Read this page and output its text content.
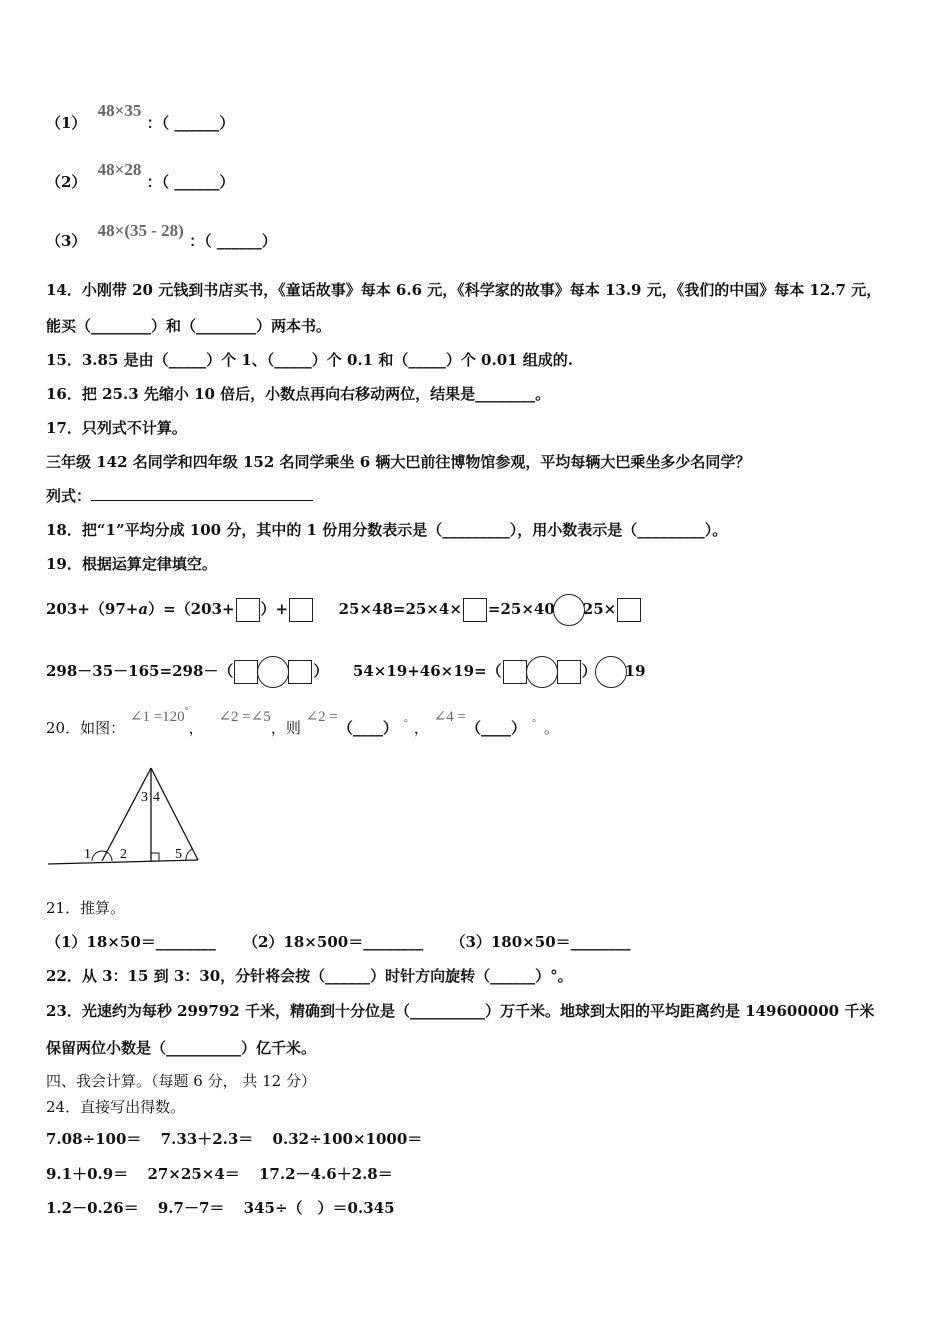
（1） 48×35 ：（ ______）
（2） 48×28 ：（ ______）
（3） 48×(35 - 28) ：（ ______）
14．小刚带 20 元钱到书店买书，《童话故事》每本 6.6 元，《科学家的故事》每本 13.9 元，《我们的中国》每本 12.7 元，
能买（________）和（________）两本书。
15．3.85 是由（_____）个 1、（_____）个 0.1 和（_____）个 0.01 组成的.
16．把 25.3 先缩小 10 倍后，小数点再向右移动两位，结果是________。
17．只列式不计算。
三年级 142 名同学和四年级 152 名同学乘坐 6 辆大巴前往博物馆参观，平均每辆大巴乘坐多少名同学？
列式：
18．把“1”平均分成 100 分，其中的 1 份用分数表示是（_________），用小数表示是（_________）。
19．根据运算定律填空。
203+（97+a）=（203+ ）+	25×48=25×4× =25×40 25×
298－35－165=298－（	） 54×19+46×19=（	） 19
20．如图： ∠1 =120°， ∠2 =∠5，则 ∠2 =（____） ° ， ∠4 =（____） ° 。
1 2
3 4
5
21．推算。
（1）18×50＝________ （2）18×500＝________ （3）180×50＝________
22．从 3：15 到 3：30，分针将会按（______）时针方向旋转（______）°。
23．光速约为每秒 299792 千米，精确到十分位是（__________）万千米。地球到太阳的平均距离约是 149600000 千米
保留两位小数是（__________）亿千米。
四、我会计算。（每题 6 分， 共 12 分）
24．直接写出得数。
7.08÷100＝ 7.33＋2.3＝ 0.32÷100×1000＝
9.1＋0.9＝ 27×25×4＝ 17.2－4.6＋2.8＝
1.2－0.26＝ 9.7－7＝ 345÷（　）＝0.345
